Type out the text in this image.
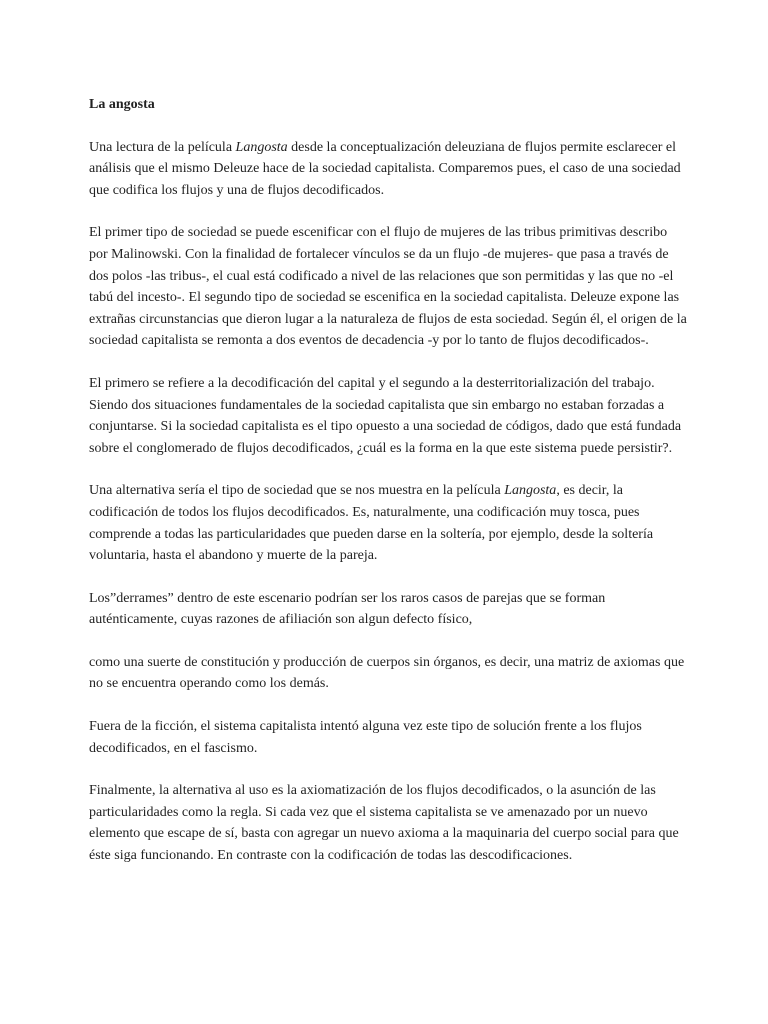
La angosta

Una lectura de la película Langosta desde la conceptualización deleuziana de flujos permite esclarecer el análisis que el mismo Deleuze hace de la sociedad capitalista. Comparemos pues, el caso de una sociedad que codifica los flujos y una de flujos decodificados.

El primer tipo de sociedad se puede escenificar con el flujo de mujeres de las tribus primitivas describo por Malinowski. Con la finalidad de fortalecer vínculos se da un flujo -de mujeres- que pasa a través de dos polos -las tribus-, el cual está codificado a nivel de las relaciones que son permitidas y las que no -el tabú del incesto-. El segundo tipo de sociedad se escenifica en la sociedad capitalista. Deleuze expone las extrañas circunstancias que dieron lugar a la naturaleza de flujos de esta sociedad. Según él, el origen de la sociedad capitalista se remonta a dos eventos de decadencia -y por lo tanto de flujos decodificados-.

El primero se refiere a la decodificación del capital y el segundo a la desterritorialización del trabajo. Siendo dos situaciones fundamentales de la sociedad capitalista que sin embargo no estaban forzadas a conjuntarse. Si la sociedad capitalista es el tipo opuesto a una sociedad de códigos, dado que está fundada sobre el conglomerado de flujos decodificados, ¿cuál es la forma en la que este sistema puede persistir?.

Una alternativa sería el tipo de sociedad que se nos muestra en la película Langosta, es decir, la codificación de todos los flujos decodificados. Es, naturalmente, una codificación muy tosca, pues comprende a todas las particularidades que pueden darse en la soltería, por ejemplo, desde la soltería voluntaria, hasta el abandono y muerte de la pareja.

Los”derrames” dentro de este escenario podrían ser los raros casos de parejas que se forman auténticamente, cuyas razones de afiliación son algun defecto físico,

como una suerte de constitución y producción de cuerpos sin órganos, es decir, una matriz de axiomas que no se encuentra operando como los demás.

Fuera de la ficción, el sistema capitalista intentó alguna vez este tipo de solución frente a los flujos decodificados, en el fascismo.

Finalmente, la alternativa al uso es la axiomatización de los flujos decodificados, o la asunción de las particularidades como la regla. Si cada vez que el sistema capitalista se ve amenazado por un nuevo elemento que escape de sí, basta con agregar un nuevo axioma a la maquinaria del cuerpo social para que éste siga funcionando. En contraste con la codificación de todas las descodificaciones.
